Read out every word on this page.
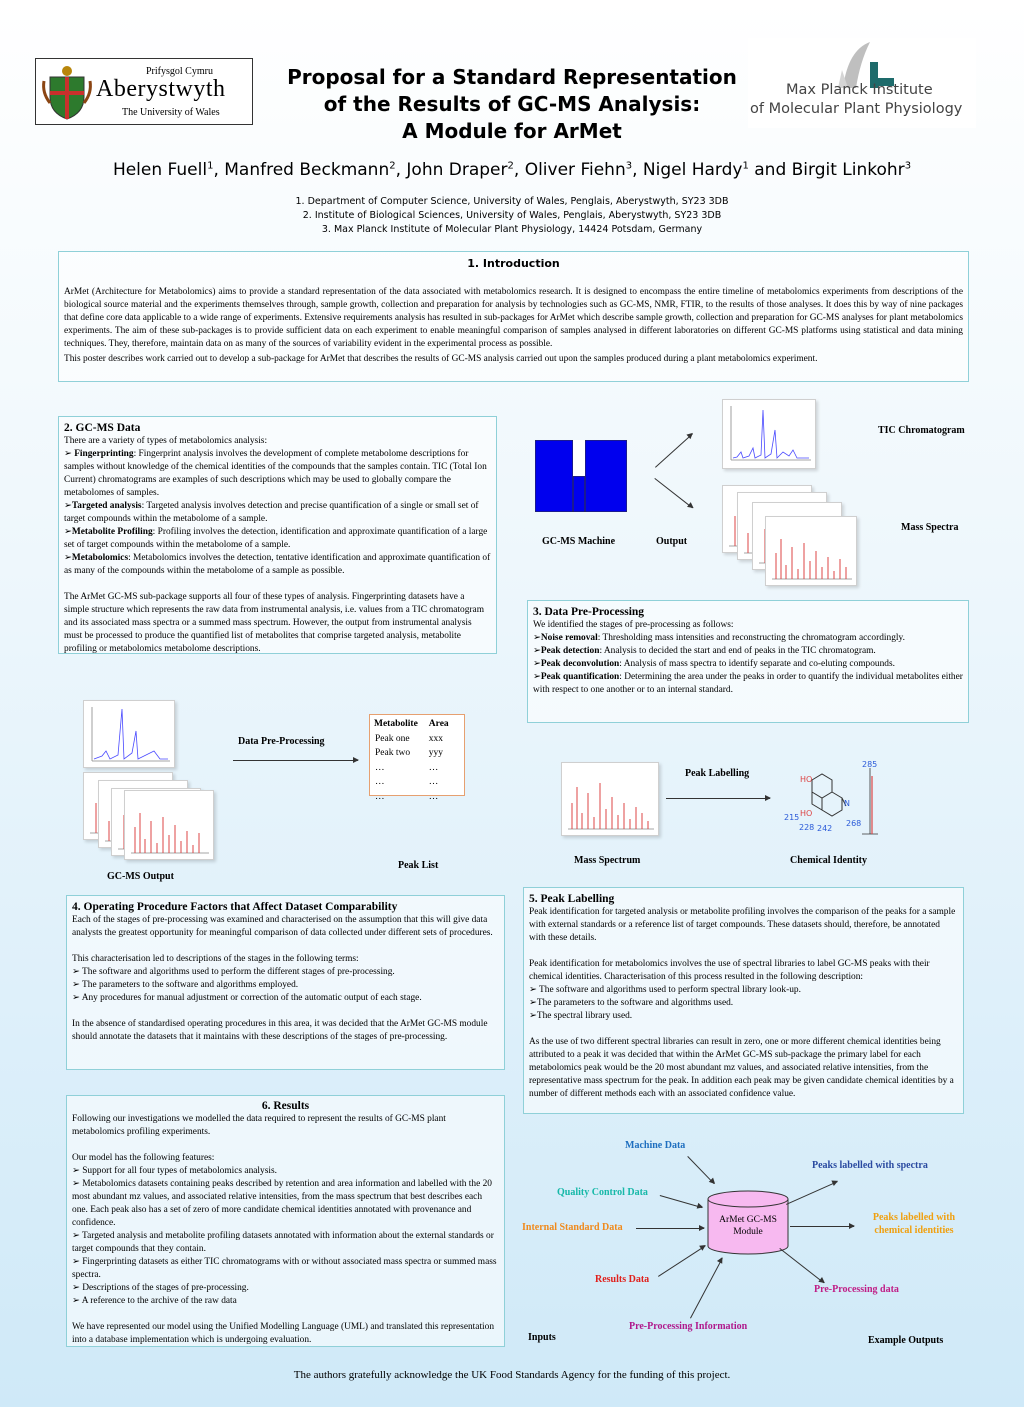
Prifysgol Cymru
Aberystwyth
The University of Wales
Proposal for a Standard Representation
of the Results of GC-MS Analysis:
A Module for ArMet
Max Planck Institute
of Molecular Plant Physiology
Helen Fuell$^1$, Manfred Beckmann$^2$, John Draper$^2$, Oliver Fiehn$^3$, Nigel Hardy$^1$ and Birgit Linkohr$^3$
1. Department of Computer Science, University of Wales, Penglais, Aberystwyth, SY23 3DB
2. Institute of Biological Sciences, University of Wales, Penglais, Aberystwyth, SY23 3DB
3. Max Planck Institute of Molecular Plant Physiology, 14424 Potsdam, Germany
1. Introduction

ArMet (Architecture for Metabolomics) aims to provide a standard representation of the data associated with metabolomics research. It is designed to encompass the entire timeline of metabolomics experiments from descriptions of the biological source material and the experiments themselves through, sample growth, collection and preparation for analysis by technologies such as GC-MS, NMR, FTIR, to the results of those analyses. It does this by way of nine packages that define core data applicable to a wide range of experiments. Extensive requirements analysis has resulted in sub-packages for ArMet which describe sample growth, collection and preparation for GC-MS analyses for plant metabolomics experiments. The aim of these sub-packages is to provide sufficient data on each experiment to enable meaningful comparison of samples analysed in different laboratories on different GC-MS platforms using statistical and data mining techniques. They, therefore, maintain data on as many of the sources of variability evident in the experimental process as possible.

This poster describes work carried out to develop a sub-package for ArMet that describes the results of GC-MS analysis carried out upon the samples produced during a plant metabolomics experiment.

2. GC-MS Data

There are a variety of types of metabolomics analysis:

➢ Fingerprinting: Fingerprint analysis involves the development of complete metabolome descriptions for samples without knowledge of the chemical identities of the compounds that the samples contain. TIC (Total Ion Current) chromatograms are examples of such descriptions which may be used to globally compare the metabolomes of samples.

➢Targeted analysis: Targeted analysis involves detection and precise quantification of a single or small set of target compounds within the metabolome of a sample.

➢Metabolite Profiling: Profiling involves the detection, identification and approximate quantification of a large set of target compounds within the metabolome of a sample.

➢Metabolomics: Metabolomics involves the detection, tentative identification and approximate quantification of as many of the compounds within the metabolome of a sample as possible.

The ArMet GC-MS sub-package supports all four of these types of analysis. Fingerprinting datasets have a simple structure which represents the raw data from instrumental analysis, i.e. values from a TIC chromatogram and its associated mass spectra or a summed mass spectrum. However, the output from instrumental analysis must be processed to produce the quantified list of metabolites that comprise targeted analysis, metabolite profiling or metabolomics metabolome descriptions.

GC-MS Machine	Output
TIC Chromatogram
Mass Spectra
3. Data Pre-Processing

We identified the stages of pre-processing as follows:

➢Noise removal: Thresholding mass intensities and reconstructing the chromatogram accordingly.

➢Peak detection: Analysis to decided the start and end of peaks in the TIC chromatogram.

➢Peak deconvolution: Analysis of mass spectra to identify separate and co-eluting compounds.

➢Peak quantification: Determining the area under the peaks in order to quantify the individual metabolites either with respect to one another or to an internal standard.

GC-MS Output
Data Pre-Processing
Metabolite	Area
Peak one	xxx
Peak two	yyy
…	…
…	…
…	…
Peak List	Mass Spectrum
Peak Labelling
285
HO
HO
215
228 242
268
N
Chemical Identity
4. Operating Procedure Factors that Affect Dataset Comparability

Each of the stages of pre-processing was examined and characterised on the assumption that this will give data analysts the greatest opportunity for meaningful comparison of data collected under different sets of procedures.

This characterisation led to descriptions of the stages in the following terms:

➢ The software and algorithms used to perform the different stages of pre-processing.

➢ The parameters to the software and algorithms employed.

➢ Any procedures for manual adjustment or correction of the automatic output of each stage.

In the absence of standardised operating procedures in this area, it was decided that the ArMet GC-MS module should annotate the datasets that it maintains with these descriptions of the stages of pre-processing.

5. Peak Labelling

Peak identification for targeted analysis or metabolite profiling involves the comparison of the peaks for a sample with external standards or a reference list of target compounds. These datasets should, therefore, be annotated with these details.

Peak identification for metabolomics involves the use of spectral libraries to label GC-MS peaks with their chemical identities. Characterisation of this process resulted in the following description:

➢ The software and algorithms used to perform spectral library look-up.

➢The parameters to the software and algorithms used.

➢The spectral library used.

As the use of two different spectral libraries can result in zero, one or more different chemical identities being attributed to a peak it was decided that within the ArMet GC-MS sub-package the primary label for each metabolomics peak would be the 20 most abundant mz values, and associated relative intensities, from the representative mass spectrum for the peak. In addition each peak may be given candidate chemical identities by a number of different methods each with an associated confidence value.

6. Results

Following our investigations we modelled the data required to represent the results of GC-MS plant metabolomics profiling experiments.

Our model has the following features:

➢ Support for all four types of metabolomics analysis.

➢ Metabolomics datasets containing peaks described by retention and area information and labelled with the 20 most abundant mz values, and associated relative intensities, from the mass spectrum that best describes each one. Each peak also has a set of zero of more candidate chemical identities annotated with provenance and confidence.

➢ Targeted analysis and metabolite profiling datasets annotated with information about the external standards or target compounds that they contain.

➢ Fingerprinting datasets as either TIC chromatograms with or without associated mass spectra or summed mass spectra.

➢ Descriptions of the stages of pre-processing.

➢ A reference to the archive of the raw data

We have represented our model using the Unified Modelling Language (UML) and translated this representation into a database implementation which is undergoing evaluation.

ArMet GC-MS Module
Machine Data
Quality Control Data
Internal Standard Data
Results Data
Pre-Processing Information
Peaks labelled with spectra
Peaks labelled with chemical identities
Pre-Processing data
Inputs	Example Outputs
The authors gratefully acknowledge the UK Food Standards Agency for the funding of this project.
